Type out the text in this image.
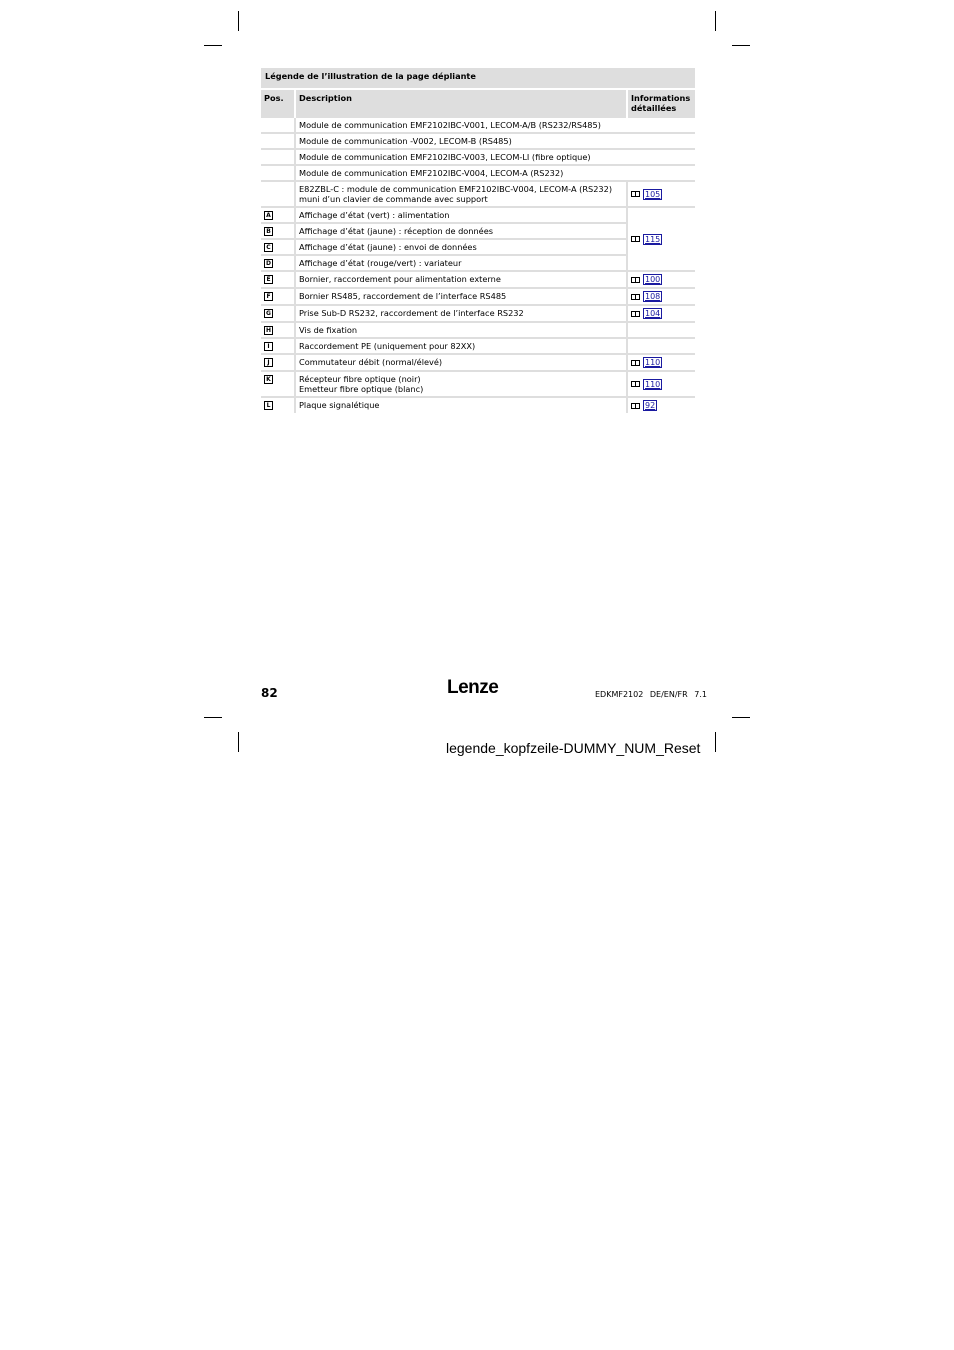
Légende de l’illustration de la page dépliante		

Pos.	Description	Informations détaillées
	Module de communication EMF2102IBC-V001, LECOM-A/B (RS232/RS485)	
	Module de communication -V002, LECOM-B (RS485)	
	Module de communication EMF2102IBC-V003, LECOM-LI (fibre optique)	
	Module de communication EMF2102IBC-V004, LECOM-A (RS232)	

	E82ZBL-C : module de communication EMF2102IBC-V004, LECOM-A (RS232)
muni d’un clavier de commande avec support	105
A	Affichage d’état (vert) : alimentation	115
B	Affichage d’état (jaune) : réception de données	
C	Affichage d’état (jaune) : envoi de données	
D	Affichage d’état (rouge/vert) : variateur	
E	Bornier, raccordement pour alimentation externe	100
F	Bornier RS485, raccordement de l’interface RS485	108
G	Prise Sub-D RS232, raccordement de l’interface RS232	104
H	Vis de fixation	
I	Raccordement PE (uniquement pour 82XX)	
J	Commutateur débit (normal/élevé)	110
K	Récepteur fibre optique (noir)
Emetteur fibre optique (blanc)	110
L	Plaque signalétique	92
82	Lenze	EDKMF2102 DE/EN/FR 7.1
legende_kopfzeile-DUMMY_NUM_Reset
